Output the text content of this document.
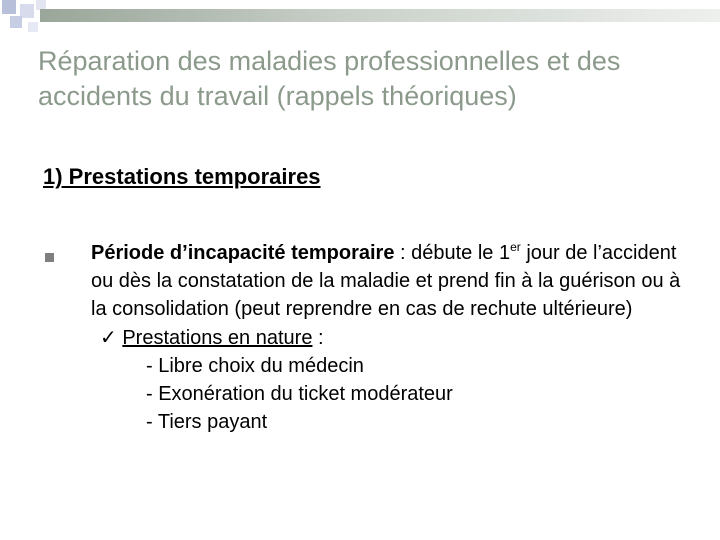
Réparation des maladies professionnelles et des accidents du travail (rappels théoriques)
1) Prestations temporaires
Période d’incapacité temporaire : débute le 1er jour de l’accident ou dès la constatation de la maladie et prend fin à la guérison ou à la consolidation (peut reprendre en cas de rechute ultérieure)
✓ Prestations en nature :
- Libre choix du médecin
- Exonération du ticket modérateur
- Tiers payant
